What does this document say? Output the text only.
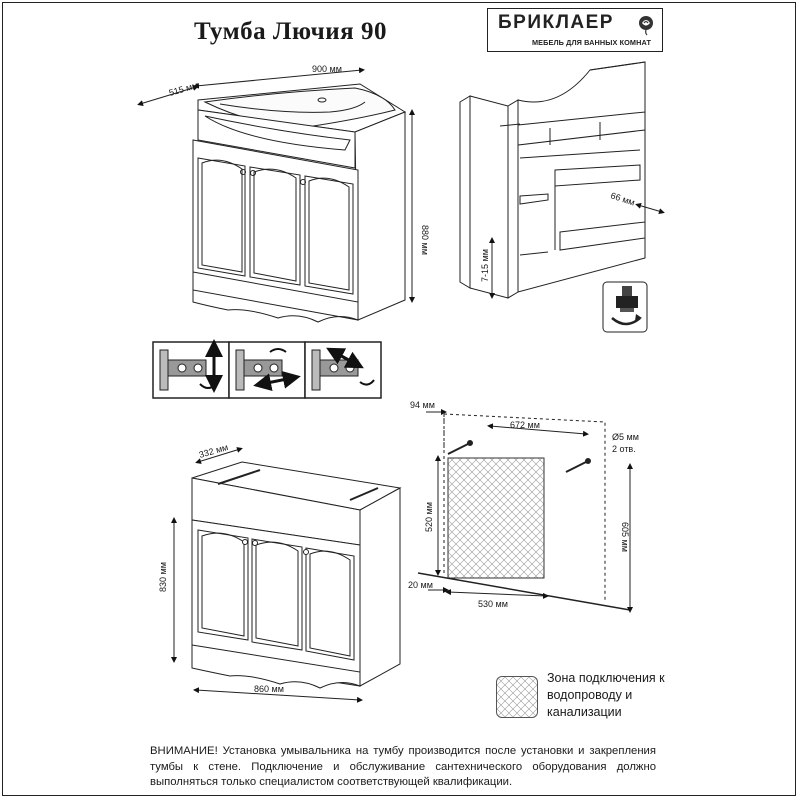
Тумба Лючия 90	БРИКЛАЕР
МЕБЕЛЬ ДЛЯ ВАННЫХ КОМНАТ
515 мм
900 мм
880 мм
66 мм
7-15 мм
94 мм
672 мм
Ø5 мм
2 отв.
520 мм
605 мм
20 мм
530 мм
332 мм
830 мм
860 мм
Зона подключения к водопроводу и канализации
ВНИМАНИЕ! Установка умывальника на тумбу производится после установки и закрепления тумбы к стене. Подключение и обслуживание сантехнического оборудования должно выполняться только специалистом соответствующей квалификации.
